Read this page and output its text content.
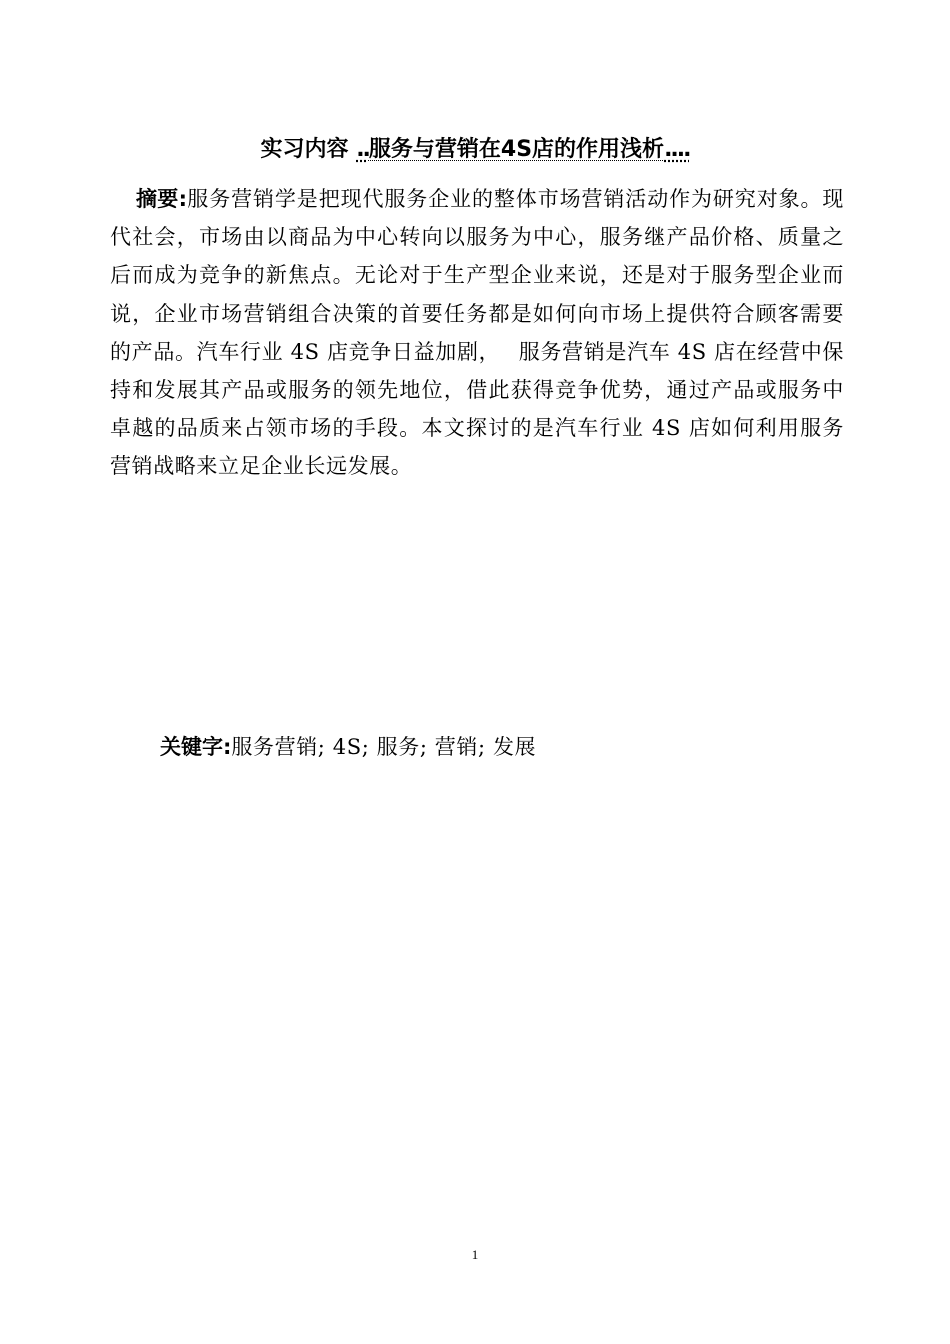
实习内容 ..服务与营销在4S店的作用浅析....
摘要:服务营销学是把现代服务企业的整体市场营销活动作为研究对象。现代社会，市场由以商品为中心转向以服务为中心，服务继产品价格、质量之后而成为竞争的新焦点。无论对于生产型企业来说，还是对于服务型企业而说，企业市场营销组合决策的首要任务都是如何向市场上提供符合顾客需要的产品。汽车行业 4S 店竞争日益加剧，　 服务营销是汽车 4S 店在经营中保持和发展其产品或服务的领先地位，借此获得竞争优势，通过产品或服务中卓越的品质来占领市场的手段。本文探讨的是汽车行业 4S 店如何利用服务营销战略来立足企业长远发展。
关键字:服务营销; 4S; 服务; 营销; 发展
1
